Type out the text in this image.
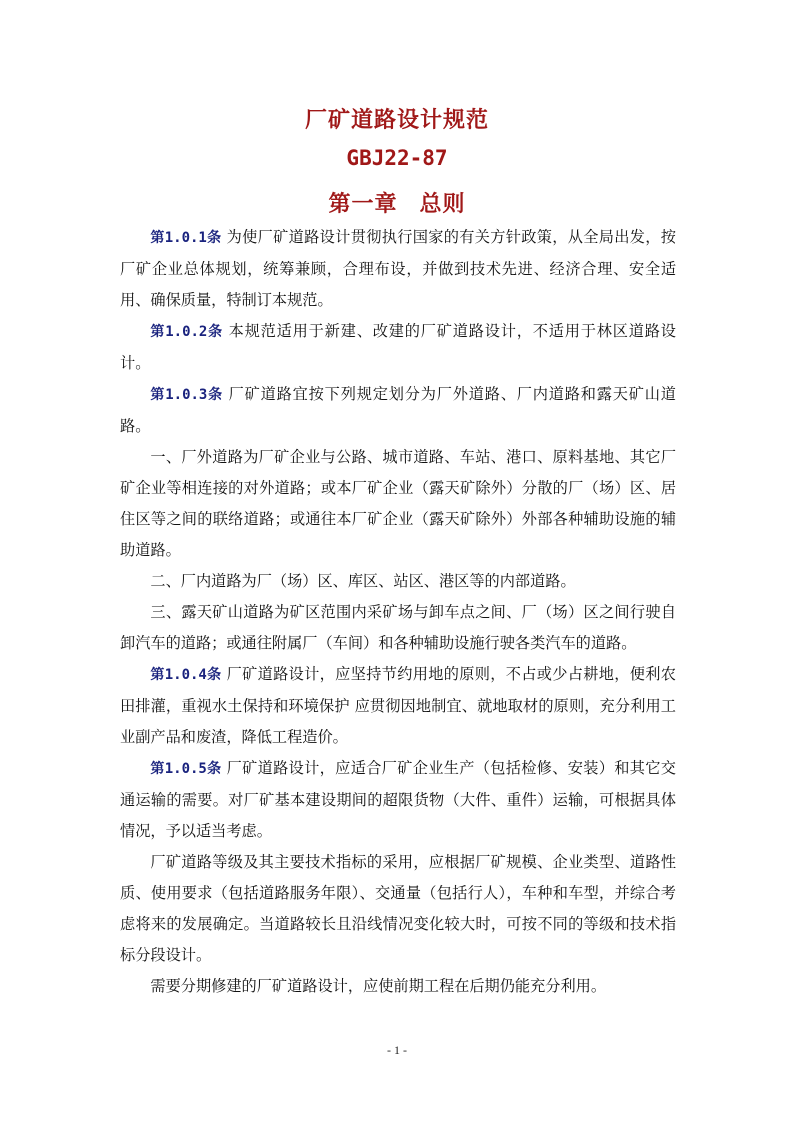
厂矿道路设计规范
GBJ22-87
第一章 总则

第1.0.1条 为使厂矿道路设计贯彻执行国家的有关方针政策，从全局出发，按厂矿企业总体规划，统筹兼顾，合理布设，并做到技术先进、经济合理、安全适用、确保质量，特制订本规范。

第1.0.2条 本规范适用于新建、改建的厂矿道路设计，不适用于林区道路设计。

第1.0.3条 厂矿道路宜按下列规定划分为厂外道路、厂内道路和露天矿山道路。

一、厂外道路为厂矿企业与公路、城市道路、车站、港口、原料基地、其它厂矿企业等相连接的对外道路；或本厂矿企业（露天矿除外）分散的厂（场）区、居住区等之间的联络道路；或通往本厂矿企业（露天矿除外）外部各种辅助设施的辅助道路。

二、厂内道路为厂（场）区、库区、站区、港区等的内部道路。

三、露天矿山道路为矿区范围内采矿场与卸车点之间、厂（场）区之间行驶自卸汽车的道路；或通往附属厂（车间）和各种辅助设施行驶各类汽车的道路。

第1.0.4条 厂矿道路设计，应坚持节约用地的原则，不占或少占耕地，便利农田排灌，重视水土保持和环境保护 应贯彻因地制宜、就地取材的原则，充分利用工业副产品和废渣，降低工程造价。

第1.0.5条 厂矿道路设计，应适合厂矿企业生产（包括检修、安装）和其它交通运输的需要。对厂矿基本建设期间的超限货物（大件、重件）运输，可根据具体情况，予以适当考虑。

厂矿道路等级及其主要技术指标的采用，应根据厂矿规模、企业类型、道路性质、使用要求（包括道路服务年限）、交通量（包括行人），车种和车型，并综合考虑将来的发展确定。当道路较长且沿线情况变化较大时，可按不同的等级和技术指标分段设计。

需要分期修建的厂矿道路设计，应使前期工程在后期仍能充分利用。

- 1 -
